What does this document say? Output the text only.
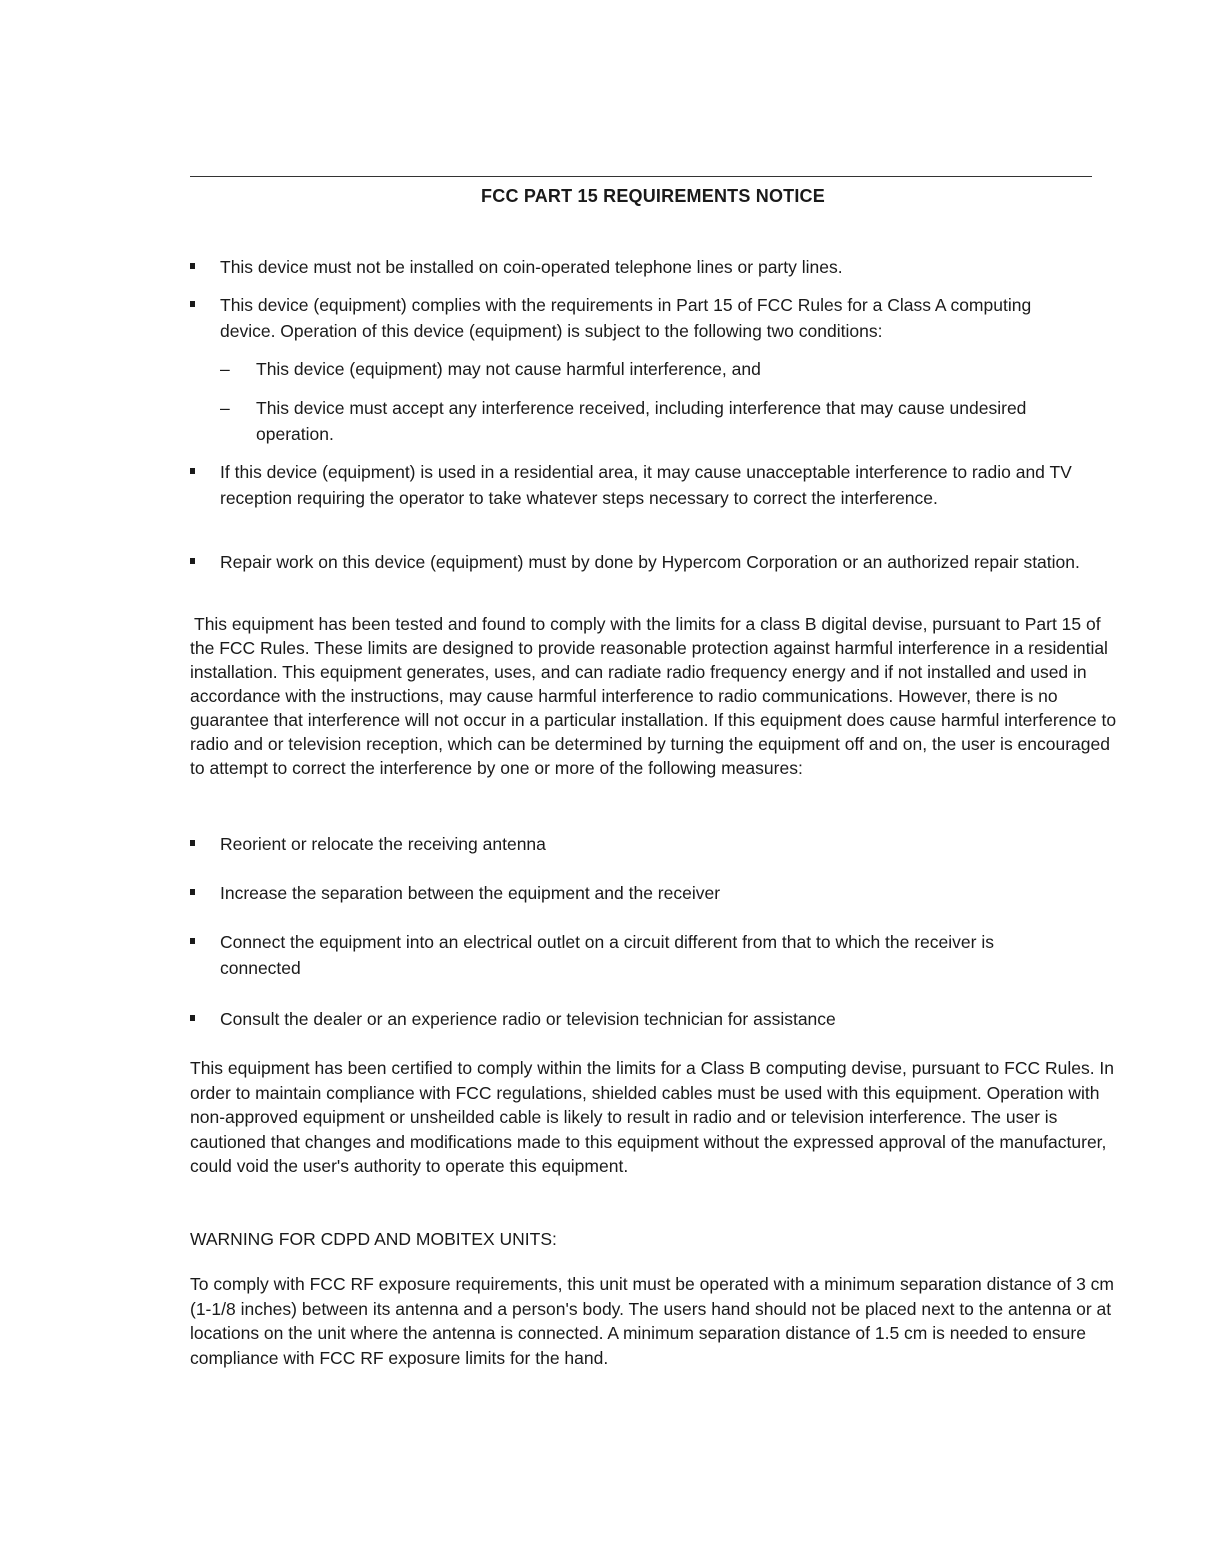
FCC PART 15 REQUIREMENTS NOTICE
This device must not be installed on coin-operated telephone lines or party lines.
This device (equipment) complies with the requirements in Part 15 of FCC Rules for a Class A computing device. Operation of this device (equipment) is subject to the following two conditions:
– This device (equipment) may not cause harmful interference, and
– This device must accept any interference received, including interference that may cause undesired operation.
If this device (equipment) is used in a residential area, it may cause unacceptable interference to radio and TV reception requiring the operator to take whatever steps necessary to correct the interference.
Repair work on this device (equipment) must by done by Hypercom Corporation or an authorized repair station.
This equipment has been tested and found to comply with the limits for a class B digital devise, pursuant to Part 15 of the FCC Rules. These limits are designed to provide reasonable protection against harmful interference in a residential installation. This equipment generates, uses, and can radiate radio frequency energy and if not installed and used in accordance with the instructions, may cause harmful interference to radio communications. However, there is no guarantee that interference will not occur in a particular installation. If this equipment does cause harmful interference to radio and or television reception, which can be determined by turning the equipment off and on, the user is encouraged to attempt to correct the interference by one or more of the following measures:
Reorient or relocate the receiving antenna
Increase the separation between the equipment and the receiver
Connect the equipment into an electrical outlet on a circuit different from that to which the receiver is connected
Consult the dealer or an experience radio or television technician for assistance
This equipment has been certified to comply within the limits for a Class B computing devise, pursuant to FCC Rules. In order to maintain compliance with FCC regulations, shielded cables must be used with this equipment. Operation with non-approved equipment or unsheilded cable is likely to result in radio and or television interference. The user is cautioned that changes and modifications made to this equipment without the expressed approval of the manufacturer, could void the user's authority to operate this equipment.
WARNING FOR CDPD AND MOBITEX UNITS:
To comply with FCC RF exposure requirements, this unit must be operated with a minimum separation distance of 3 cm (1-1/8 inches) between its antenna and a person's body. The users hand should not be placed next to the antenna or at locations on the unit where the antenna is connected. A minimum separation distance of 1.5 cm is needed to ensure compliance with FCC RF exposure limits for the hand.
